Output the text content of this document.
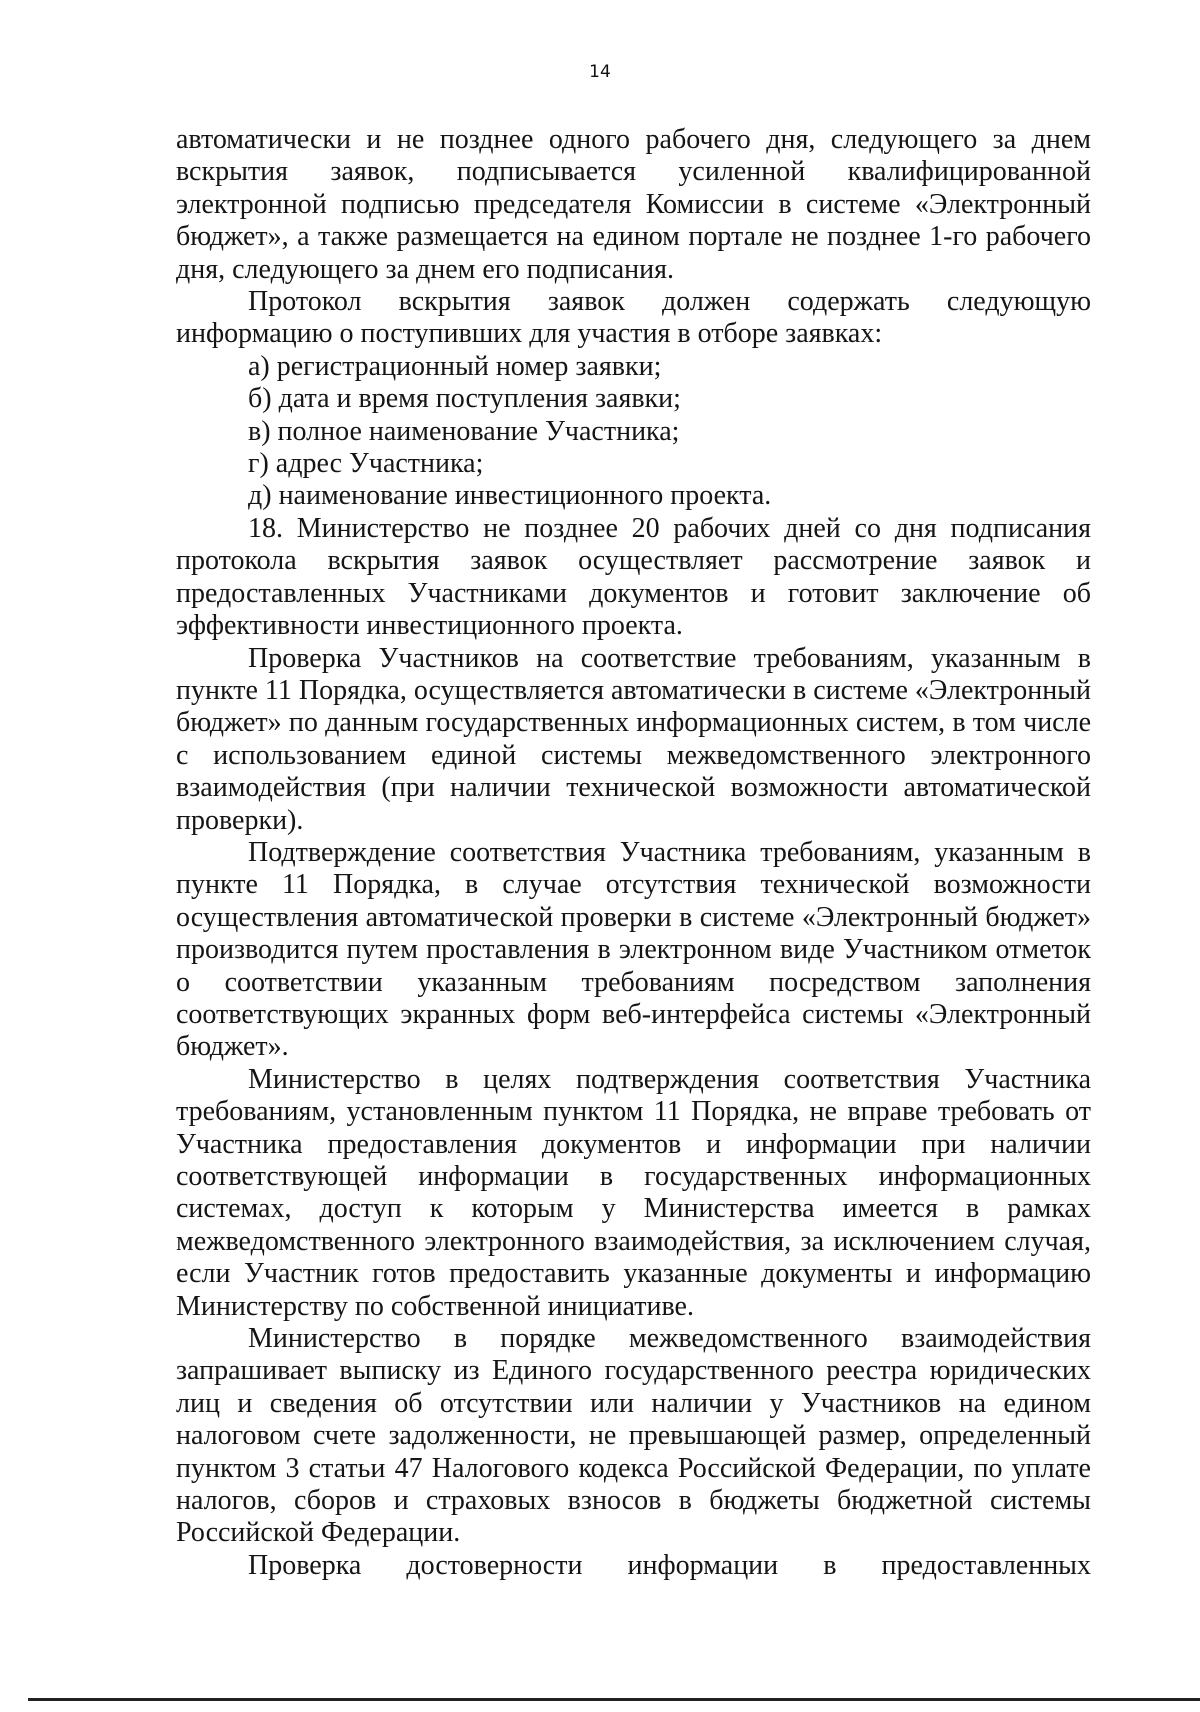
14

автоматически и не позднее одного рабочего дня, следующего за днем вскрытия заявок, подписывается усиленной квалифицированной электронной подписью председателя Комиссии в системе «Электронный бюджет», а также размещается на едином портале не позднее 1-го рабочего дня, следующего за днем его подписания.

Протокол вскрытия заявок должен содержать следующую информацию о поступивших для участия в отборе заявках:

а) регистрационный номер заявки;

б) дата и время поступления заявки;

в) полное наименование Участника;

г) адрес Участника;

д) наименование инвестиционного проекта.

18. Министерство не позднее 20 рабочих дней со дня подписания протокола вскрытия заявок осуществляет рассмотрение заявок и предоставленных Участниками документов и готовит заключение об эффективности инвестиционного проекта.

Проверка Участников на соответствие требованиям, указанным в пункте 11 Порядка, осуществляется автоматически в системе «Электронный бюджет» по данным государственных информационных систем, в том числе с использованием единой системы межведомственного электронного взаимодействия (при наличии технической возможности автоматической проверки).

Подтверждение соответствия Участника требованиям, указанным в пункте 11 Порядка, в случае отсутствия технической возможности осуществления автоматической проверки в системе «Электронный бюджет» производится путем проставления в электронном виде Участником отметок о соответствии указанным требованиям посредством заполнения соответствующих экранных форм веб-интерфейса системы «Электронный бюджет».

Министерство в целях подтверждения соответствия Участника требованиям, установленным пунктом 11 Порядка, не вправе требовать от Участника предоставления документов и информации при наличии соответствующей информации в государственных информационных системах, доступ к которым у Министерства имеется в рамках межведомственного электронного взаимодействия, за исключением случая, если Участник готов предоставить указанные документы и информацию Министерству по собственной инициативе.

Министерство в порядке межведомственного взаимодействия запрашивает выписку из Единого государственного реестра юридических лиц и сведения об отсутствии или наличии у Участников на едином налоговом счете задолженности, не превышающей размер, определенный пунктом 3 статьи 47 Налогового кодекса Российской Федерации, по уплате налогов, сборов и страховых взносов в бюджеты бюджетной системы Российской Федерации.

Проверка достоверности информации в предоставленных
